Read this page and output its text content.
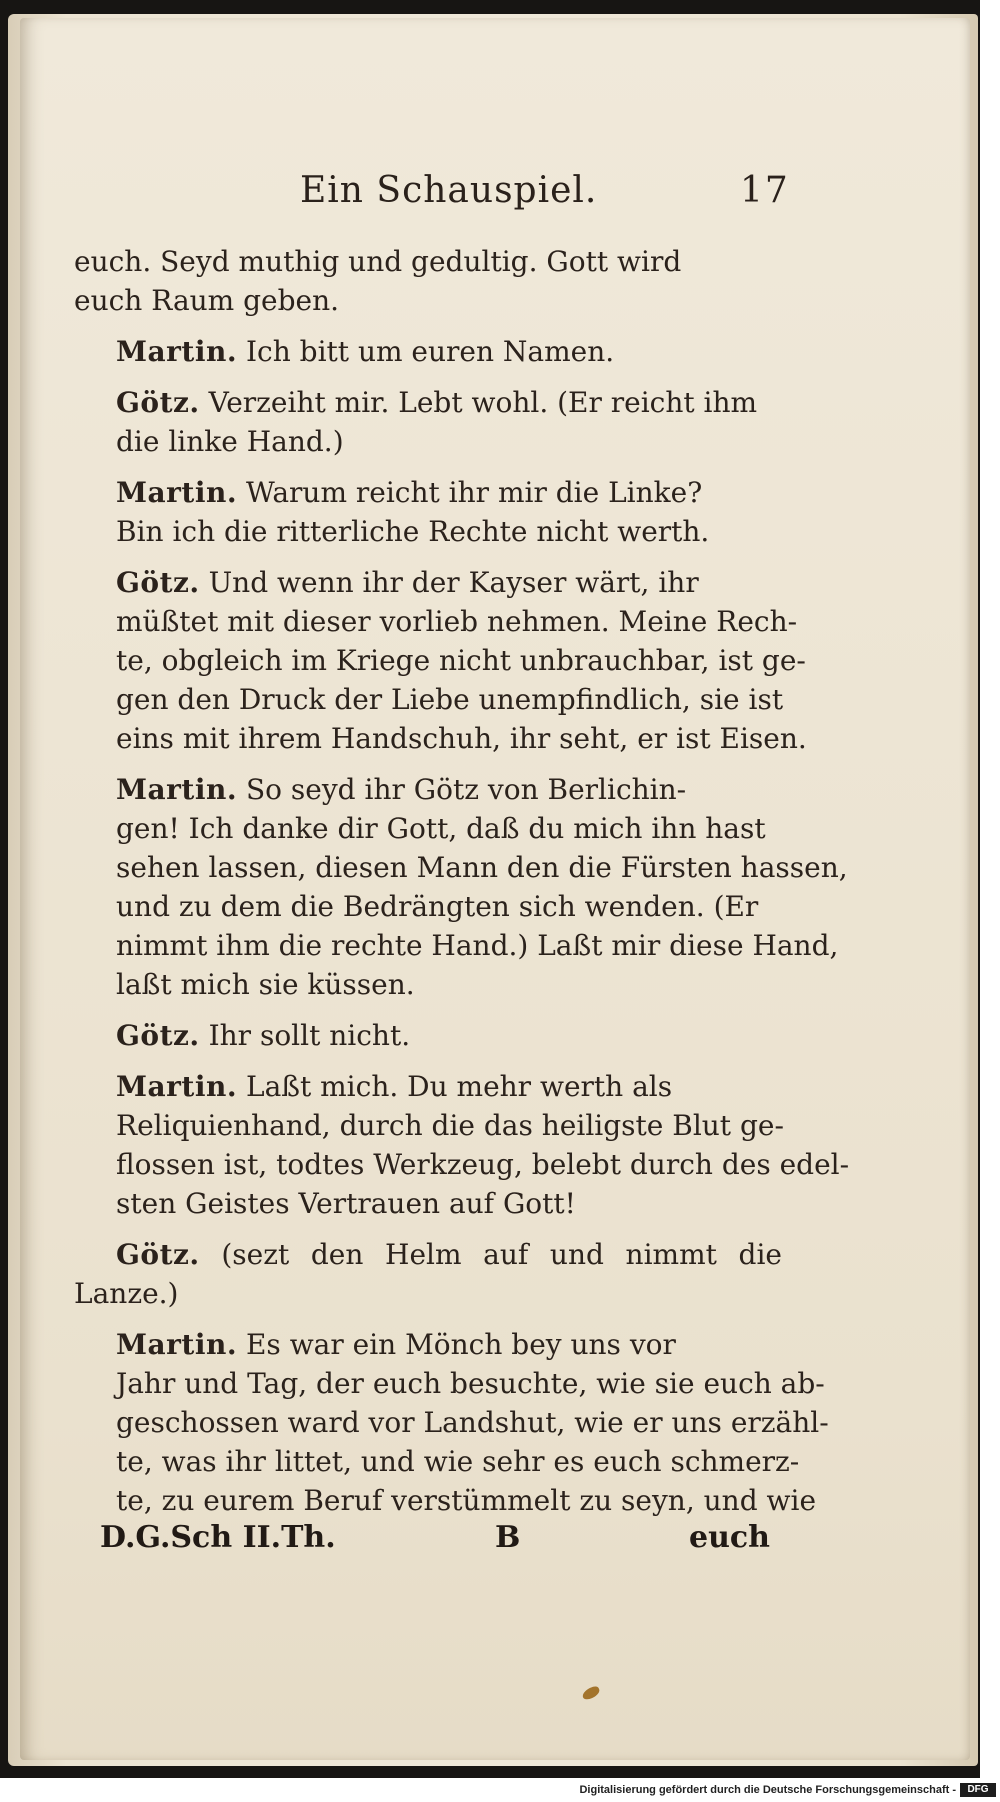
Ein Schauspiel.	17

euch. Seyd muthig und gedultig. Gott wird
euch Raum geben.

Martin. Ich bitt um euren Namen.

Götz. Verzeiht mir. Lebt wohl. (Er reicht ihm
die linke Hand.)

Martin. Warum reicht ihr mir die Linke?
Bin ich die ritterliche Rechte nicht werth.

Götz. Und wenn ihr der Kayser wärt, ihr
müßtet mit dieser vorlieb nehmen. Meine Rech-
te, obgleich im Kriege nicht unbrauchbar, ist ge-
gen den Druck der Liebe unempfindlich, sie ist
eins mit ihrem Handschuh, ihr seht, er ist Eisen.

Martin. So seyd ihr Götz von Berlichin-
gen! Ich danke dir Gott, daß du mich ihn hast
sehen lassen, diesen Mann den die Fürsten hassen,
und zu dem die Bedrängten sich wenden. (Er
nimmt ihm die rechte Hand.) Laßt mir diese Hand,
laßt mich sie küssen.

Götz. Ihr sollt nicht.

Martin. Laßt mich. Du mehr werth als
Reliquienhand, durch die das heiligste Blut ge-
flossen ist, todtes Werkzeug, belebt durch des edel-
sten Geistes Vertrauen auf Gott!

Götz. (sezt den Helm auf und nimmt die Lanze.)

Martin. Es war ein Mönch bey uns vor
Jahr und Tag, der euch besuchte, wie sie euch ab-
geschossen ward vor Landshut, wie er uns erzähl-
te, was ihr littet, und wie sehr es euch schmerz-
te, zu eurem Beruf verstümmelt zu seyn, und wie

D.G.Sch II.Th.	B	euch
Digitalisierung gefördert durch die Deutsche Forschungsgemeinschaft -	DFG
